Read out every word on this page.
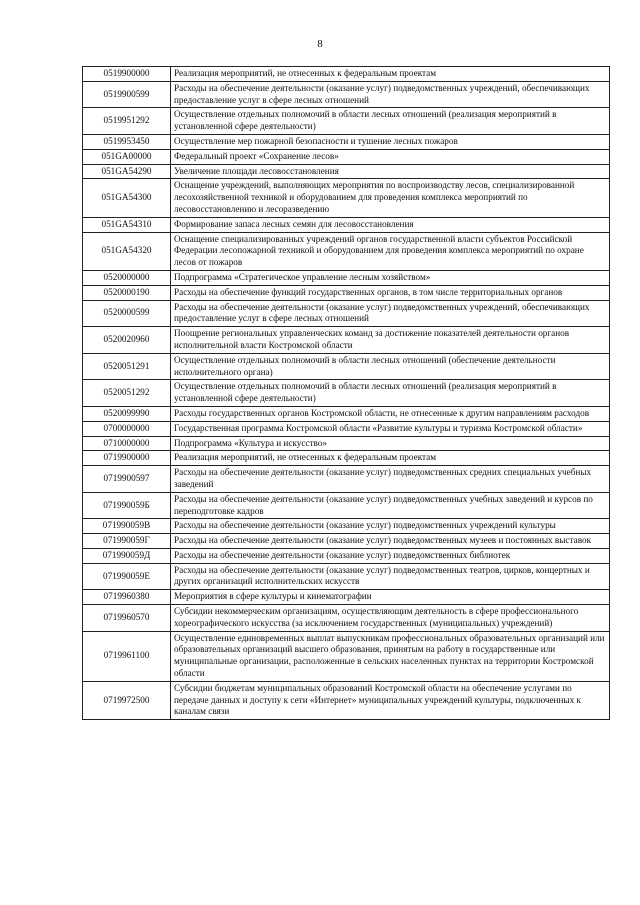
8
0519900000	Реализация мероприятий, не отнесенных к федеральным проектам
0519900599	Расходы на обеспечение деятельности (оказание услуг) подведомственных учреждений, обеспечивающих предоставление услуг в сфере лесных отношений
0519951292	Осуществление отдельных полномочий в области лесных отношений (реализация мероприятий в установленной сфере деятельности)
0519953450	Осуществление мер пожарной безопасности и тушение лесных пожаров
051GA00000	Федеральный проект «Сохранение лесов»
051GA54290	Увеличение площади лесовосстановления
051GA54300	Оснащение учреждений, выполняющих мероприятия по воспроизводству лесов, специализированной лесохозяйственной техникой и оборудованием для проведения комплекса мероприятий по лесовосстановлению и лесоразведению
051GA54310	Формирование запаса лесных семян для лесовосстановления
051GA54320	Оснащение специализированных учреждений органов государственной власти субъектов Российской Федерации лесопожарной техникой и оборудованием для проведения комплекса мероприятий по охране лесов от пожаров
0520000000	Подпрограмма «Стратегическое управление лесным хозяйством»
0520000190	Расходы на обеспечение функций государственных органов, в том числе территориальных органов
0520000599	Расходы на обеспечение деятельности (оказание услуг) подведомственных учреждений, обеспечивающих предоставление услуг в сфере лесных отношений
0520020960	Поощрение региональных управленческих команд за достижение показателей деятельности органов исполнительной власти Костромской области
0520051291	Осуществление отдельных полномочий в области лесных отношений (обеспечение деятельности исполнительного органа)
0520051292	Осуществление отдельных полномочий в области лесных отношений (реализация мероприятий в установленной сфере деятельности)
0520099990	Расходы государственных органов Костромской области, не отнесенные к другим направлениям расходов
0700000000	Государственная программа Костромской области «Развитие культуры и туризма Костромской области»
0710000000	Подпрограмма «Культура и искусство»
0719900000	Реализация мероприятий, не отнесенных к федеральным проектам
0719900597	Расходы на обеспечение деятельности (оказание услуг) подведомственных средних специальных учебных заведений
071990059Б	Расходы на обеспечение деятельности (оказание услуг) подведомственных учебных заведений и курсов по переподготовке кадров
071990059В	Расходы на обеспечение деятельности (оказание услуг) подведомственных учреждений культуры
071990059Г	Расходы на обеспечение деятельности (оказание услуг) подведомственных музеев и постоянных выставок
071990059Д	Расходы на обеспечение деятельности (оказание услуг) подведомственных библиотек
071990059Е	Расходы на обеспечение деятельности (оказание услуг) подведомственных театров, цирков, концертных и других организаций исполнительских искусств
0719960380	Мероприятия в сфере культуры и кинематографии
0719960570	Субсидии некоммерческим организациям, осуществляющим деятельность в сфере профессионального хореографического искусства (за исключением государственных (муниципальных) учреждений)
0719961100	Осуществление единовременных выплат выпускникам профессиональных образовательных организаций или образовательных организаций высшего образования, принятым на работу в государственные или муниципальные организации, расположенные в сельских населенных пунктах на территории Костромской области
0719972500	Субсидии бюджетам муниципальных образований Костромской области на обеспечение услугами по передаче данных и доступу к сети «Интернет» муниципальных учреждений культуры, подключенных к каналам связи
